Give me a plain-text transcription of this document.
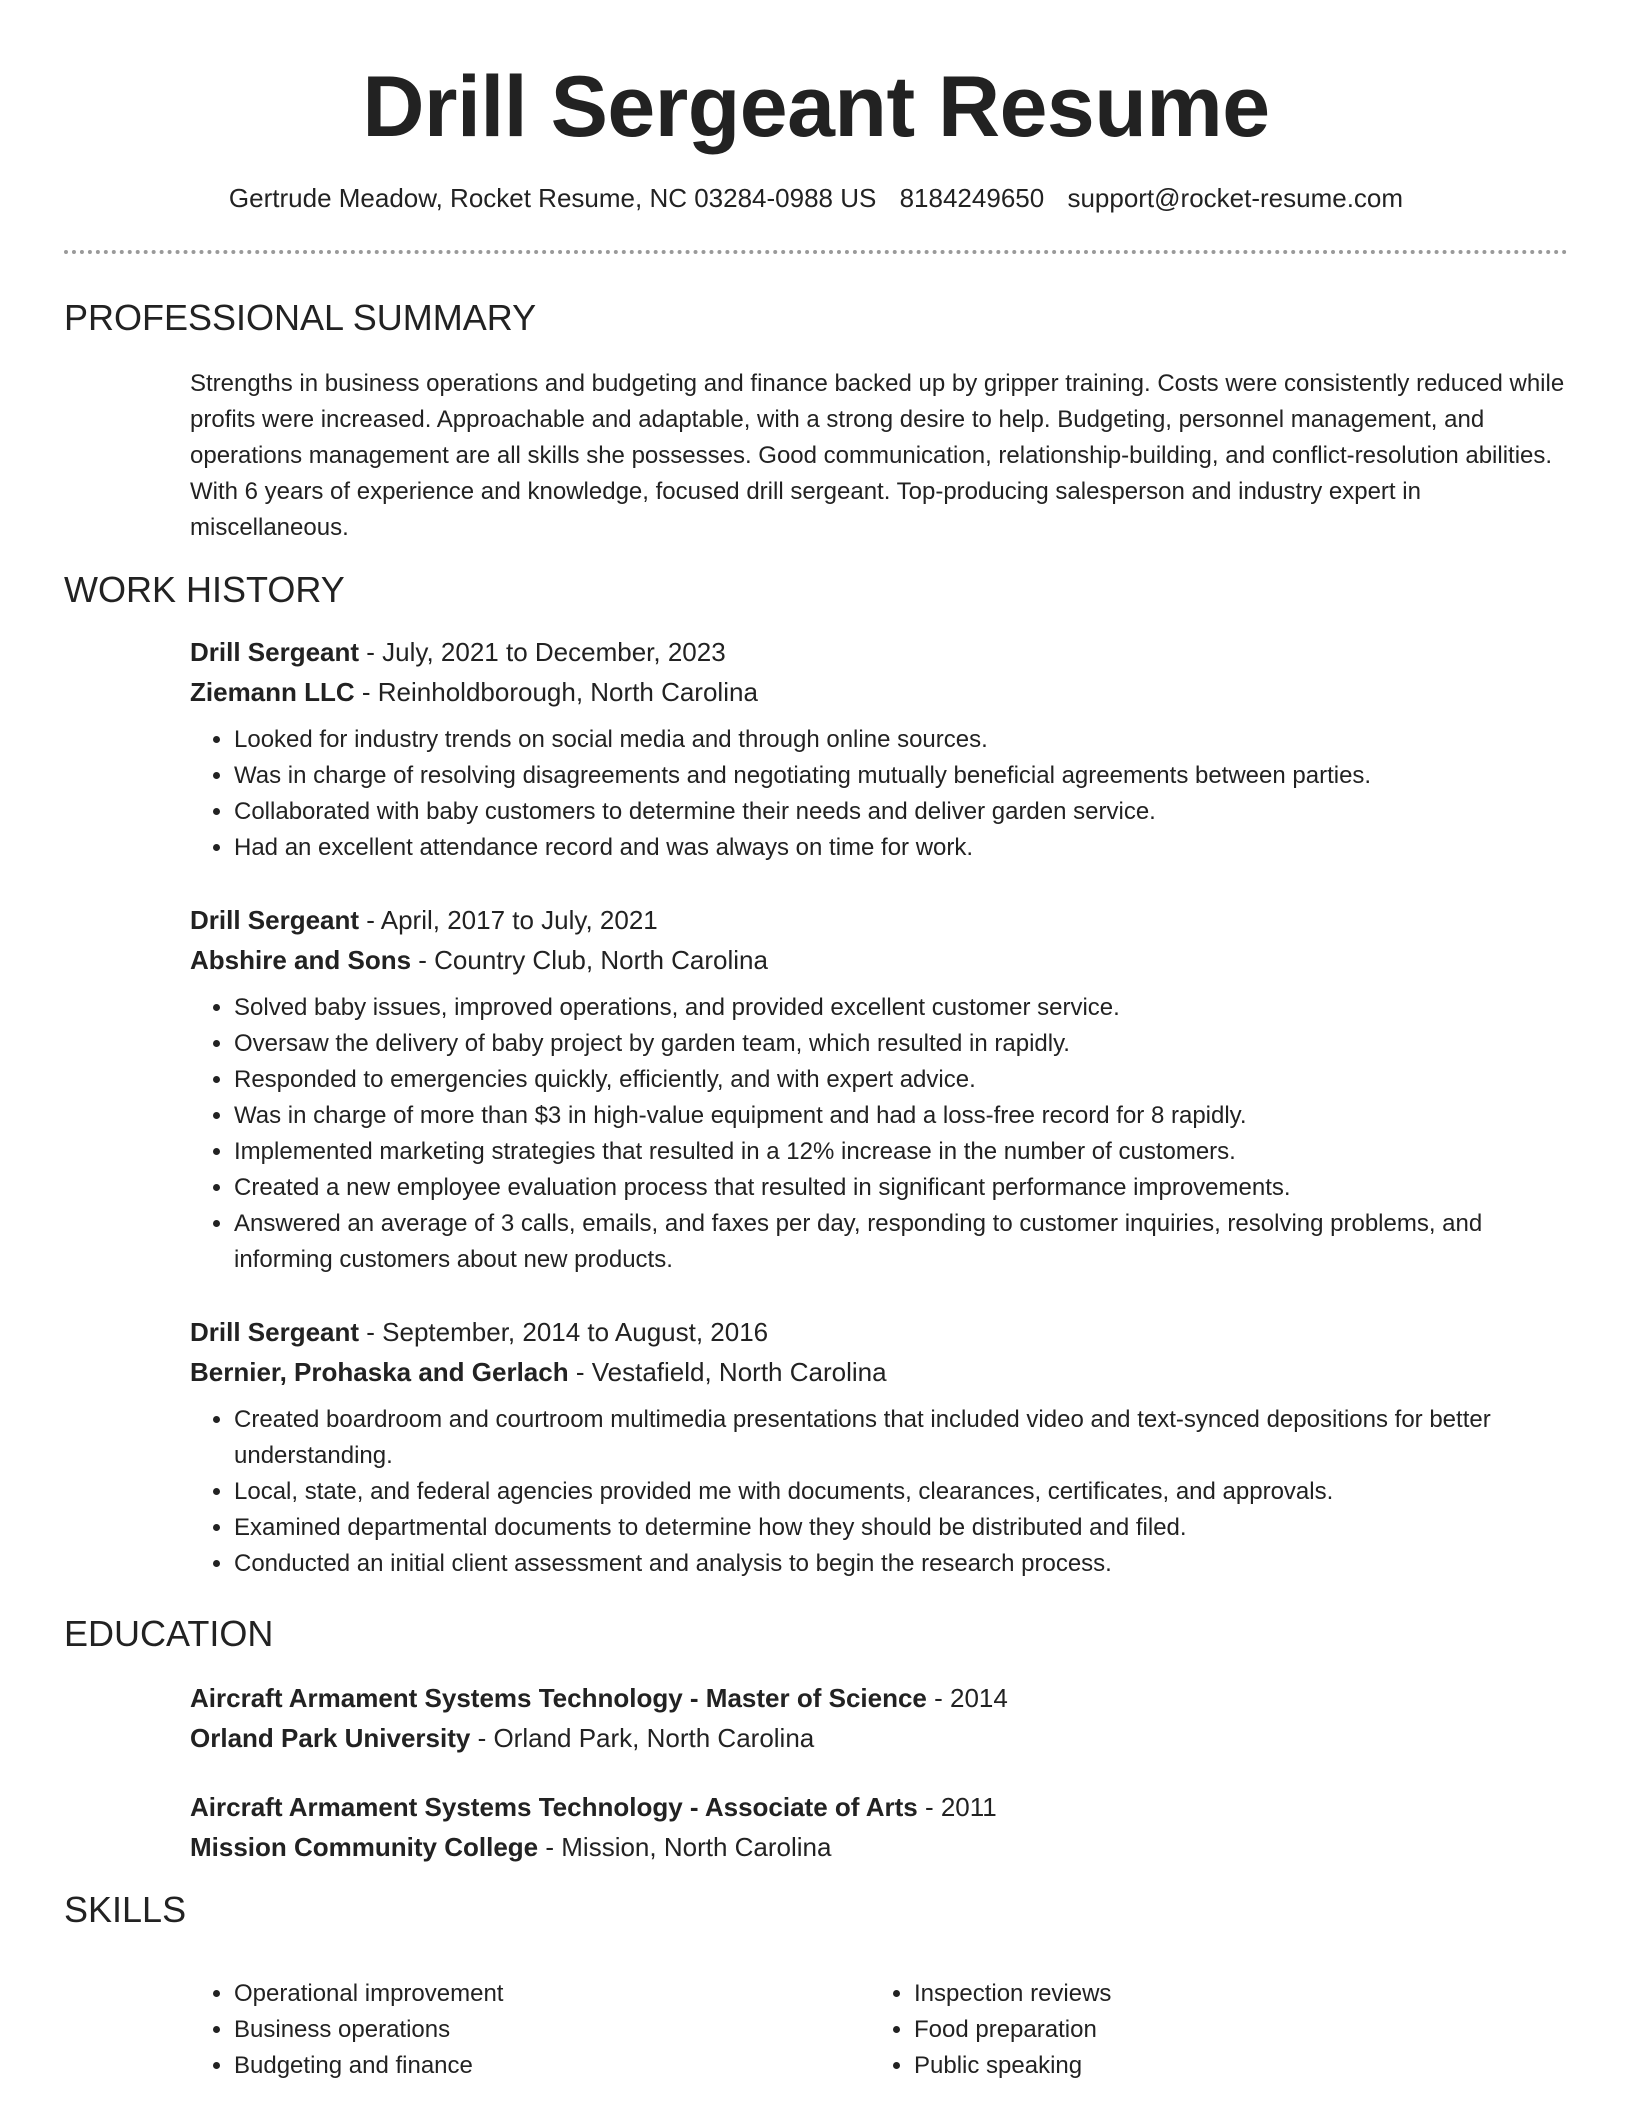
Drill Sergeant Resume
Gertrude Meadow, Rocket Resume, NC 03284-0988 US 8184249650 support@rocket-resume.com
PROFESSIONAL SUMMARY

Strengths in business operations and budgeting and finance backed up by gripper training. Costs were consistently reduced while profits were increased. Approachable and adaptable, with a strong desire to help. Budgeting, personnel management, and operations management are all skills she possesses. Good communication, relationship-building, and conflict-resolution abilities. With 6 years of experience and knowledge, focused drill sergeant. Top-producing salesperson and industry expert in miscellaneous.

WORK HISTORY
Drill Sergeant - July, 2021 to December, 2023
Ziemann LLC - Reinholdborough, North Carolina
• Looked for industry trends on social media and through online sources.
• Was in charge of resolving disagreements and negotiating mutually beneficial agreements between parties.
• Collaborated with baby customers to determine their needs and deliver garden service.
• Had an excellent attendance record and was always on time for work.
Drill Sergeant - April, 2017 to July, 2021
Abshire and Sons - Country Club, North Carolina
• Solved baby issues, improved operations, and provided excellent customer service.
• Oversaw the delivery of baby project by garden team, which resulted in rapidly.
• Responded to emergencies quickly, efficiently, and with expert advice.
• Was in charge of more than $3 in high-value equipment and had a loss-free record for 8 rapidly.
• Implemented marketing strategies that resulted in a 12% increase in the number of customers.
• Created a new employee evaluation process that resulted in significant performance improvements.
• Answered an average of 3 calls, emails, and faxes per day, responding to customer inquiries, resolving problems, and informing customers about new products.
Drill Sergeant - September, 2014 to August, 2016
Bernier, Prohaska and Gerlach - Vestafield, North Carolina
• Created boardroom and courtroom multimedia presentations that included video and text-synced depositions for better understanding.
• Local, state, and federal agencies provided me with documents, clearances, certificates, and approvals.
• Examined departmental documents to determine how they should be distributed and filed.
• Conducted an initial client assessment and analysis to begin the research process.
EDUCATION
Aircraft Armament Systems Technology - Master of Science - 2014
Orland Park University - Orland Park, North Carolina
Aircraft Armament Systems Technology - Associate of Arts - 2011
Mission Community College - Mission, North Carolina
SKILLS
• Operational improvement
• Business operations
• Budgeting and finance
• Inspection reviews
• Food preparation
• Public speaking
